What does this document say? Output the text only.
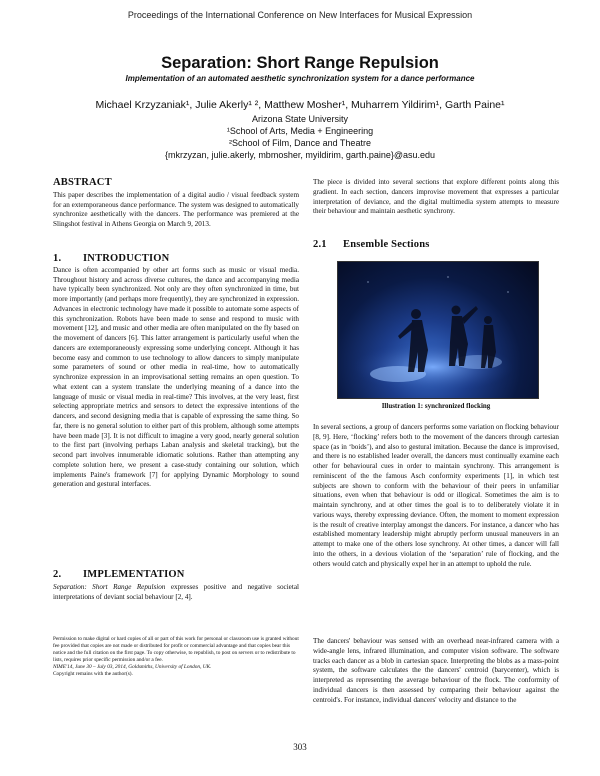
Proceedings of the International Conference on New Interfaces for Musical Expression
Separation: Short Range Repulsion
Implementation of an automated aesthetic synchronization system for a dance performance
Michael Krzyzaniak¹, Julie Akerly¹ ², Matthew Mosher¹, Muharrem Yildirim¹, Garth Paine¹
Arizona State University
¹School of Arts, Media + Engineering
²School of Film, Dance and Theatre
{mkrzyzan, julie.akerly, mbmosher, myildirim, garth.paine}@asu.edu
ABSTRACT

This paper describes the implementation of a digital audio / visual feedback system for an extemporaneous dance performance. The system was designed to automatically synchronize aesthetically with the dancers. The performance was premiered at the Slingshot festival in Athens Georgia on March 9, 2013.

1. INTRODUCTION

Dance is often accompanied by other art forms such as music or visual media. Throughout history and across diverse cultures, the dance and accompanying media have typically been synchronized. Not only are they often synchronized in time, but more importantly (and perhaps more frequently), they are synchronized in expression. Advances in electronic technology have made it possible to automate some aspects of this synchronization. Robots have been made to sense and respond to music with movement [12], and music and other media are often manipulated on the fly based on the movement of dancers [6]. This latter arrangement is particularly useful when the dancers are extemporaneously expressing some underlying concept. Although it has become easy and common to use technology to allow dancers to simply manipulate some parameters of sound or other media in real-time, how to automatically synchronize expression in an improvisational setting remains an open question. To what extent can a system translate the underlying meaning of a dance into the language of music or visual media in real-time? This involves, at the very least, first selecting appropriate metrics and sensors to detect the expressive intentions of the dancers, and second designing media that is capable of expressing the same thing. So far, there is no general solution to either part of this problem, although some attempts have been made [3]. It is not difficult to imagine a very good, nearly general solution to the first part (involving perhaps Laban analysis and skeletal tracking), but the second part involves innumerable idiomatic solutions. Rather than attempting any complete solution here, we present a case-study containing our solution, which implements Paine's framework [7] for applying Dynamic Morphology to sound generation and gestural interfaces.

2. IMPLEMENTATION

Separation: Short Range Repulsion expresses positive and negative societal interpretations of deviant social behaviour [2, 4].

Permission to make digital or hard copies of all or part of this work for personal or classroom use is granted without fee provided that copies are not made or distributed for profit or commercial advantage and that copies bear this notice and the full citation on the first page. To copy otherwise, to republish, to post on servers or to redistribute to lists, requires prior specific permission and/or a fee.

NIME'14, June 30 – July 03, 2014, Goldsmiths, University of London, UK.

Copyright remains with the author(s).

The piece is divided into several sections that explore different points along this gradient. In each section, dancers improvise movement that expresses a particular interpretation of deviance, and the digital multimedia system attempts to measure their behaviour and maintain aesthetic synchrony.
2.1 Ensemble Sections
Illustration 1: synchronized flocking
In several sections, a group of dancers performs some variation on flocking behaviour [8, 9]. Here, ‘flocking’ refers both to the movement of the dancers through cartesian space (as in ‘boids’), and also to gestural imitation. Because the dance is improvised, and there is no established leader overall, the dancers must continually examine each other for behavioural cues in order to maintain synchrony. This arrangement is reminiscent of the the famous Asch conformity experiments [1], in which test subjects are shown to conform with the behaviour of their peers in unfamiliar situations, even when that behaviour is odd or illogical. Sometimes the aim is to maintain synchrony, and at other times the goal is to to deliberately violate it in various ways, thereby expressing deviance. Often, the moment to moment expression is the result of creative interplay amongst the dancers. For instance, a dancer who has established momentary leadership might abruptly perform unusual maneuvers in an attempt to make one of the others lose synchrony. At other times, a dancer will fall into the others, in a devious violation of the ‘separation’ rule of flocking, and the others would catch and physically expel her in an attempt to uphold the rule.
The dancers' behaviour was sensed with an overhead near-infrared camera with a wide-angle lens, infrared illumination, and computer vision software. The software tracks each dancer as a blob in cartesian space. Interpreting the blobs as a mass-point system, the software calculates the the dancers' centroid (barycenter), which is interpreted as representing the average behaviour of the flock. The conformity of individual dancers is then assessed by comparing their behaviour against the centroid's. For instance, individual dancers' velocity and distance to the
303
